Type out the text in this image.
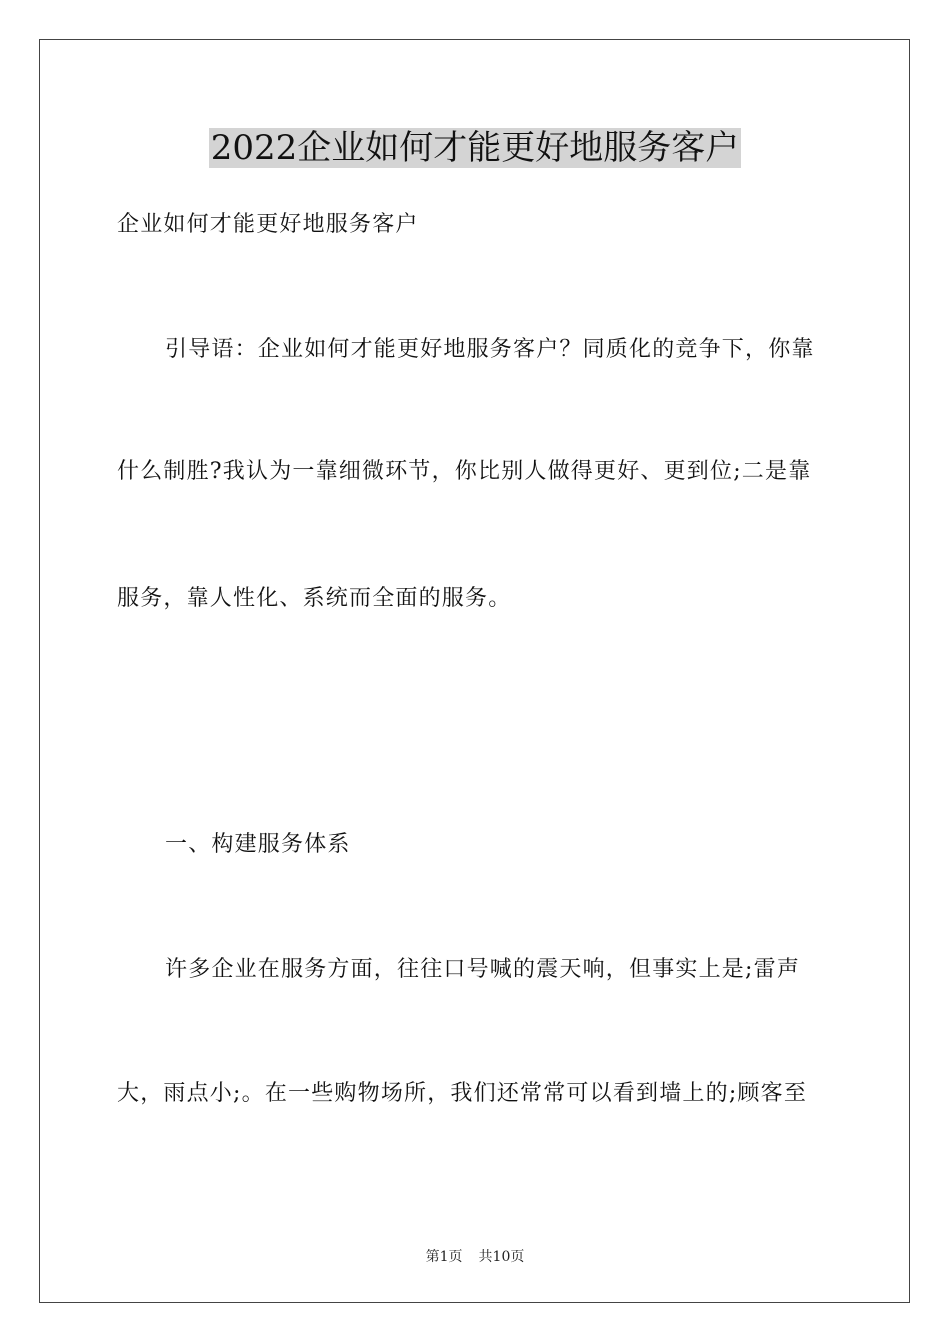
2022企业如何才能更好地服务客户

企业如何才能更好地服务客户

引导语：企业如何才能更好地服务客户？同质化的竞争下，你靠

什么制胜?我认为一靠细微环节，你比别人做得更好、更到位;二是靠

服务，靠人性化、系统而全面的服务。

一、构建服务体系

许多企业在服务方面，往往口号喊的震天响，但事实上是;雷声

大，雨点小;。在一些购物场所，我们还常常可以看到墙上的;顾客至

第1页 共10页
